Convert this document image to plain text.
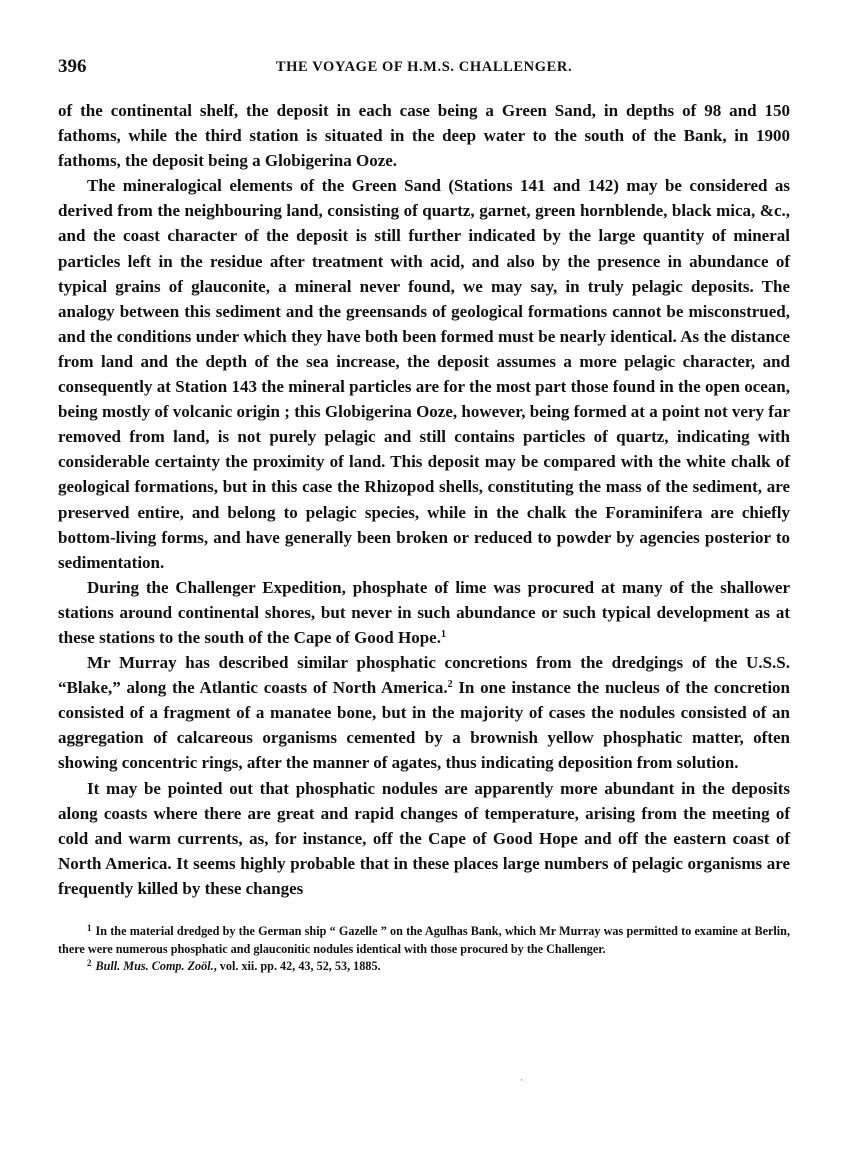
396	THE VOYAGE OF H.M.S. CHALLENGER.

of the continental shelf, the deposit in each case being a Green Sand, in depths of 98 and 150 fathoms, while the third station is situated in the deep water to the south of the Bank, in 1900 fathoms, the deposit being a Globigerina Ooze.

The mineralogical elements of the Green Sand (Stations 141 and 142) may be considered as derived from the neighbouring land, consisting of quartz, garnet, green hornblende, black mica, &c., and the coast character of the deposit is still further indicated by the large quantity of mineral particles left in the residue after treatment with acid, and also by the presence in abundance of typical grains of glauconite, a mineral never found, we may say, in truly pelagic deposits. The analogy between this sediment and the greensands of geological formations cannot be misconstrued, and the conditions under which they have both been formed must be nearly identical. As the distance from land and the depth of the sea increase, the deposit assumes a more pelagic character, and consequently at Station 143 the mineral particles are for the most part those found in the open ocean, being mostly of volcanic origin ; this Globigerina Ooze, however, being formed at a point not very far removed from land, is not purely pelagic and still contains particles of quartz, indicating with considerable certainty the proximity of land. This deposit may be compared with the white chalk of geological formations, but in this case the Rhizopod shells, constituting the mass of the sediment, are preserved entire, and belong to pelagic species, while in the chalk the Foraminifera are chiefly bottom-living forms, and have generally been broken or reduced to powder by agencies posterior to sedimentation.

During the Challenger Expedition, phosphate of lime was procured at many of the shallower stations around continental shores, but never in such abundance or such typical development as at these stations to the south of the Cape of Good Hope.$^1$

Mr Murray has described similar phosphatic concretions from the dredgings of the U.S.S. “Blake,” along the Atlantic coasts of North America.$^2$ In one instance the nucleus of the concretion consisted of a fragment of a manatee bone, but in the majority of cases the nodules consisted of an aggregation of calcareous organisms cemented by a brownish yellow phosphatic matter, often showing concentric rings, after the manner of agates, thus indicating deposition from solution.

It may be pointed out that phosphatic nodules are apparently more abundant in the deposits along coasts where there are great and rapid changes of temperature, arising from the meeting of cold and warm currents, as, for instance, off the Cape of Good Hope and off the eastern coast of North America. It seems highly probable that in these places large numbers of pelagic organisms are frequently killed by these changes

$^1$ In the material dredged by the German ship “ Gazelle ” on the Agulhas Bank, which Mr Murray was permitted to examine at Berlin, there were numerous phosphatic and glauconitic nodules identical with those procured by the Challenger.

$^2$ Bull. Mus. Comp. Zoöl., vol. xii. pp. 42, 43, 52, 53, 1885.

·
